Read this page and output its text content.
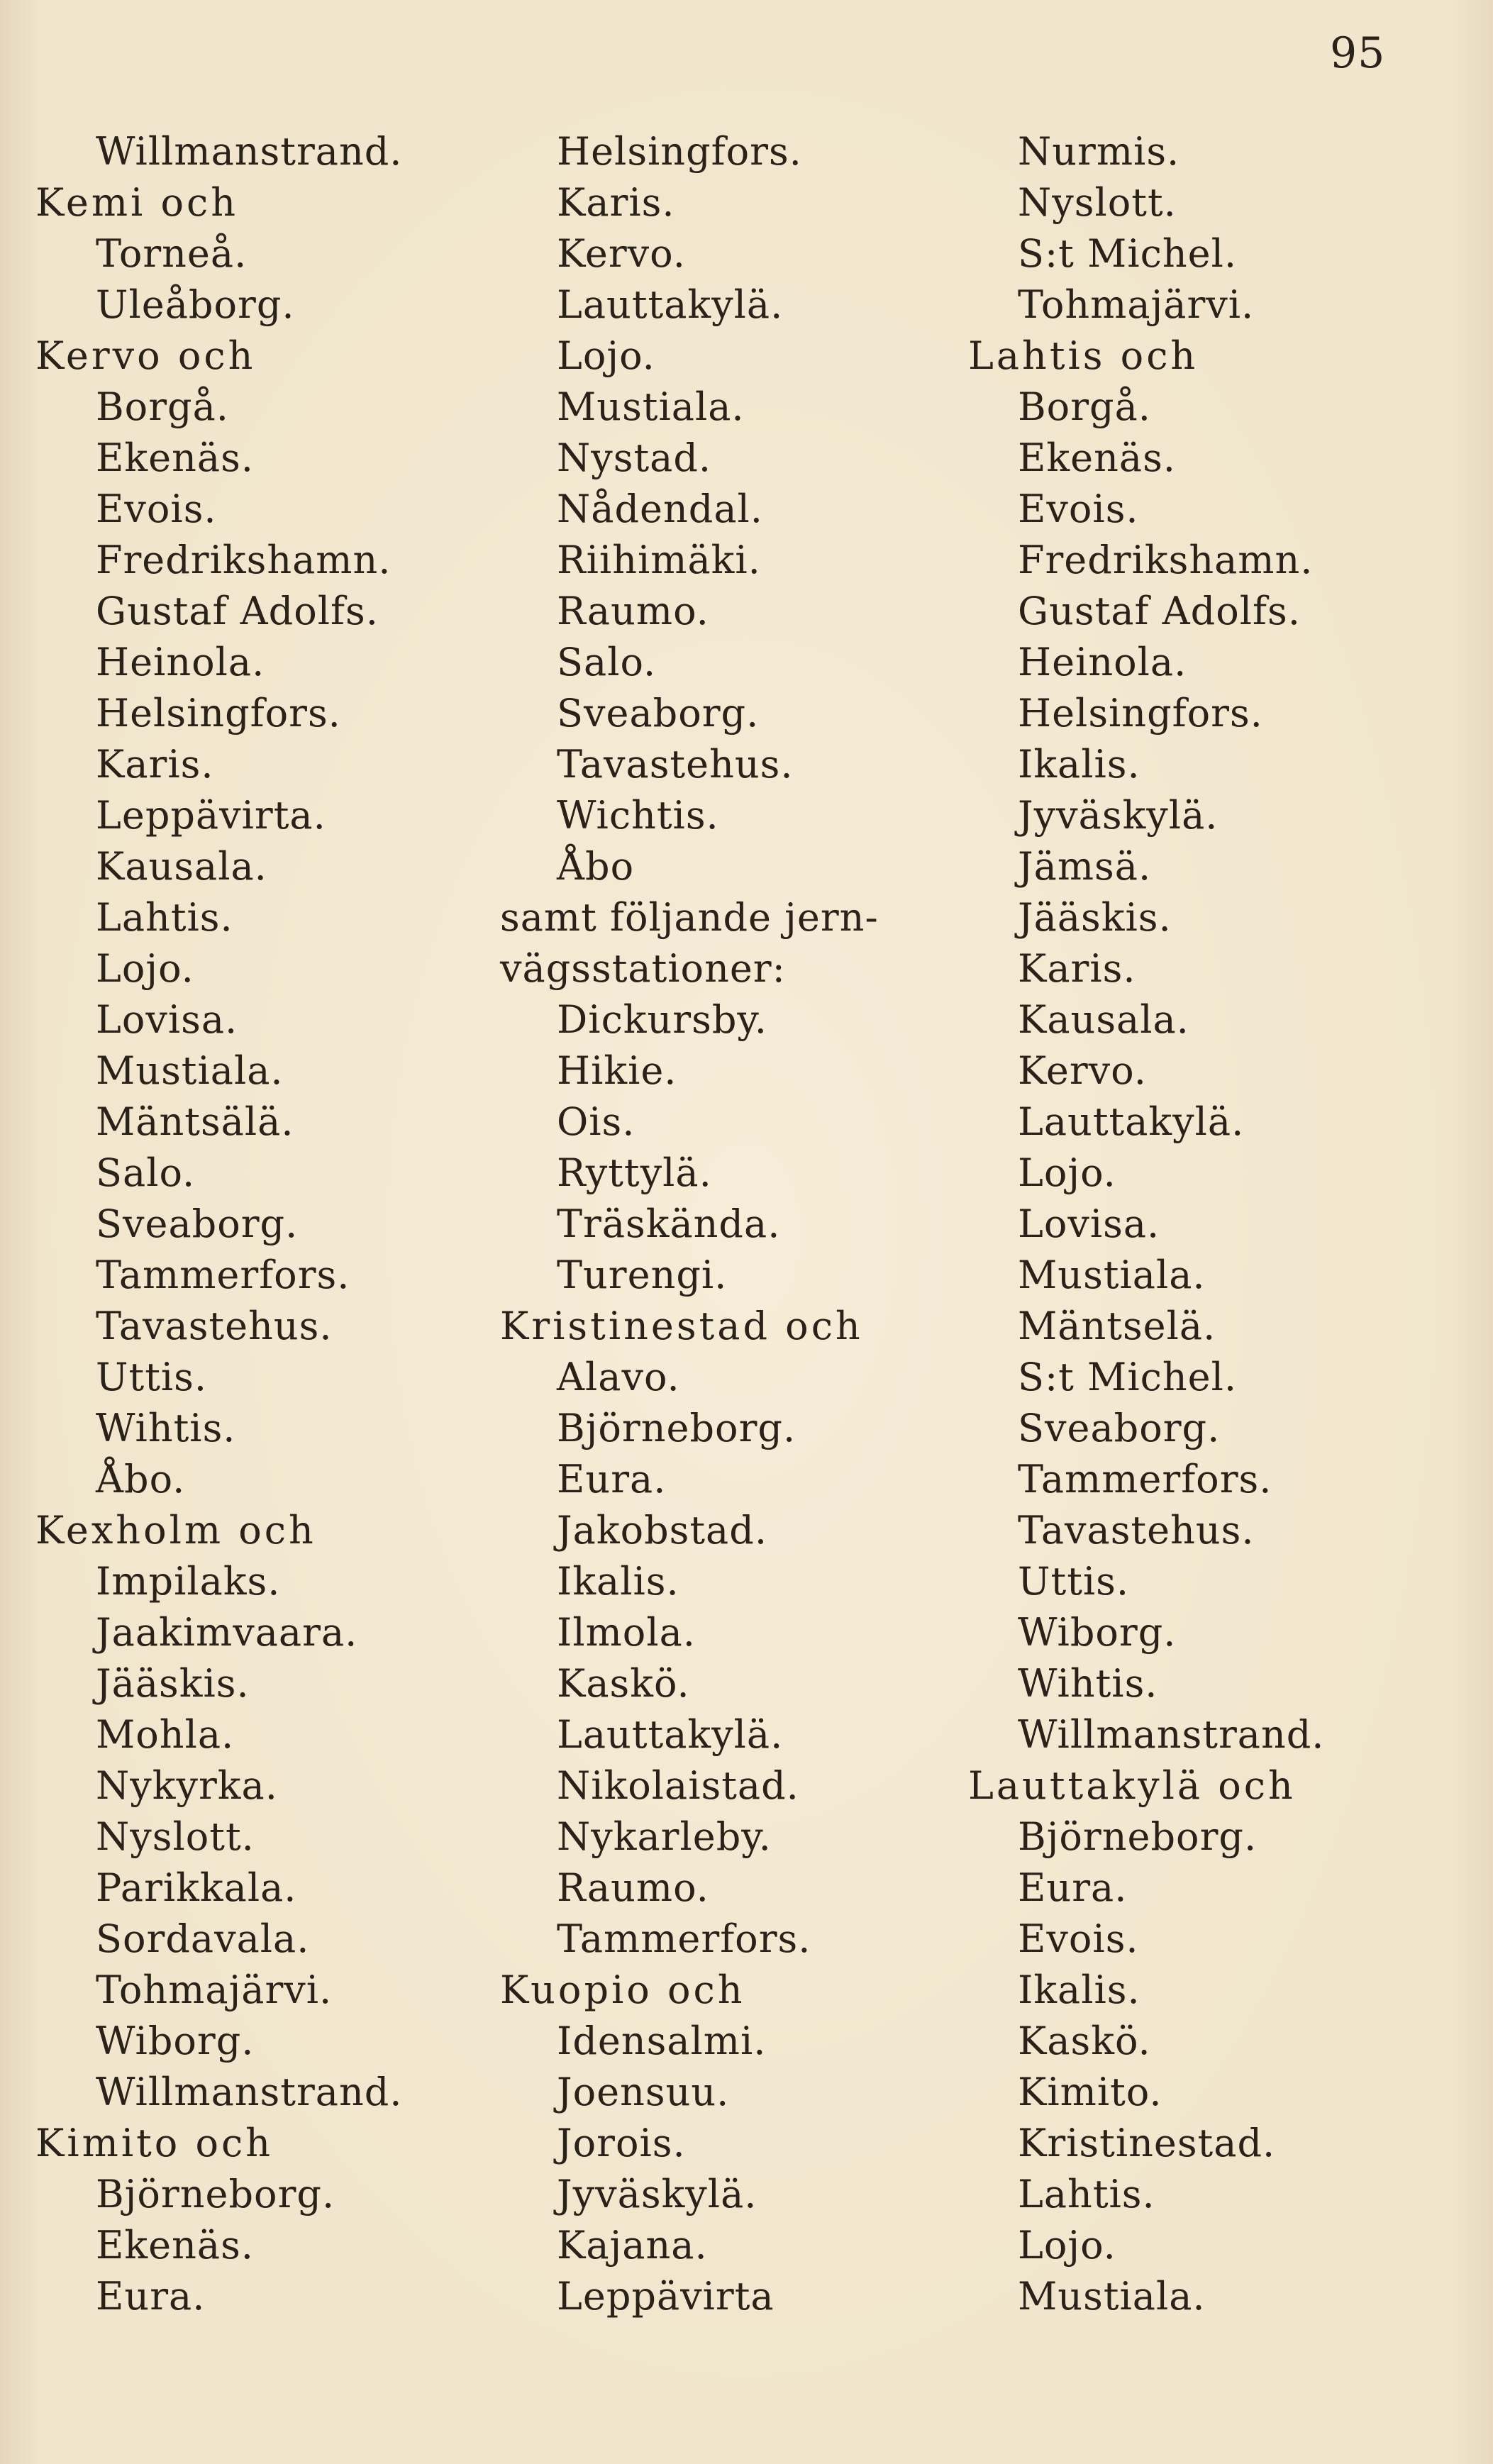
95
Willmanstrand.
Kemi och
Torneå.
Uleåborg.
Kervo och
Borgå.
Ekenäs.
Evois.
Fredrikshamn.
Gustaf Adolfs.
Heinola.
Helsingfors.
Karis.
Leppävirta.
Kausala.
Lahtis.
Lojo.
Lovisa.
Mustiala.
Mäntsälä.
Salo.
Sveaborg.
Tammerfors.
Tavastehus.
Uttis.
Wihtis.
Åbo.
Kexholm och
Impilaks.
Jaakimvaara.
Jääskis.
Mohla.
Nykyrka.
Nyslott.
Parikkala.
Sordavala.
Tohmajärvi.
Wiborg.
Willmanstrand.
Kimito och
Björneborg.
Ekenäs.
Eura.
Helsingfors.
Karis.
Kervo.
Lauttakylä.
Lojo.
Mustiala.
Nystad.
Nådendal.
Riihimäki.
Raumo.
Salo.
Sveaborg.
Tavastehus.
Wichtis.
Åbo
samt följande jern-
vägsstationer:
Dickursby.
Hikie.
Ois.
Ryttylä.
Träskända.
Turengi.
Kristinestad och
Alavo.
Björneborg.
Eura.
Jakobstad.
Ikalis.
Ilmola.
Kaskö.
Lauttakylä.
Nikolaistad.
Nykarleby.
Raumo.
Tammerfors.
Kuopio och
Idensalmi.
Joensuu.
Jorois.
Jyväskylä.
Kajana.
Leppävirta
Nurmis.
Nyslott.
S:t Michel.
Tohmajärvi.
Lahtis och
Borgå.
Ekenäs.
Evois.
Fredrikshamn.
Gustaf Adolfs.
Heinola.
Helsingfors.
Ikalis.
Jyväskylä.
Jämsä.
Jääskis.
Karis.
Kausala.
Kervo.
Lauttakylä.
Lojo.
Lovisa.
Mustiala.
Mäntselä.
S:t Michel.
Sveaborg.
Tammerfors.
Tavastehus.
Uttis.
Wiborg.
Wihtis.
Willmanstrand.
Lauttakylä och
Björneborg.
Eura.
Evois.
Ikalis.
Kaskö.
Kimito.
Kristinestad.
Lahtis.
Lojo.
Mustiala.
